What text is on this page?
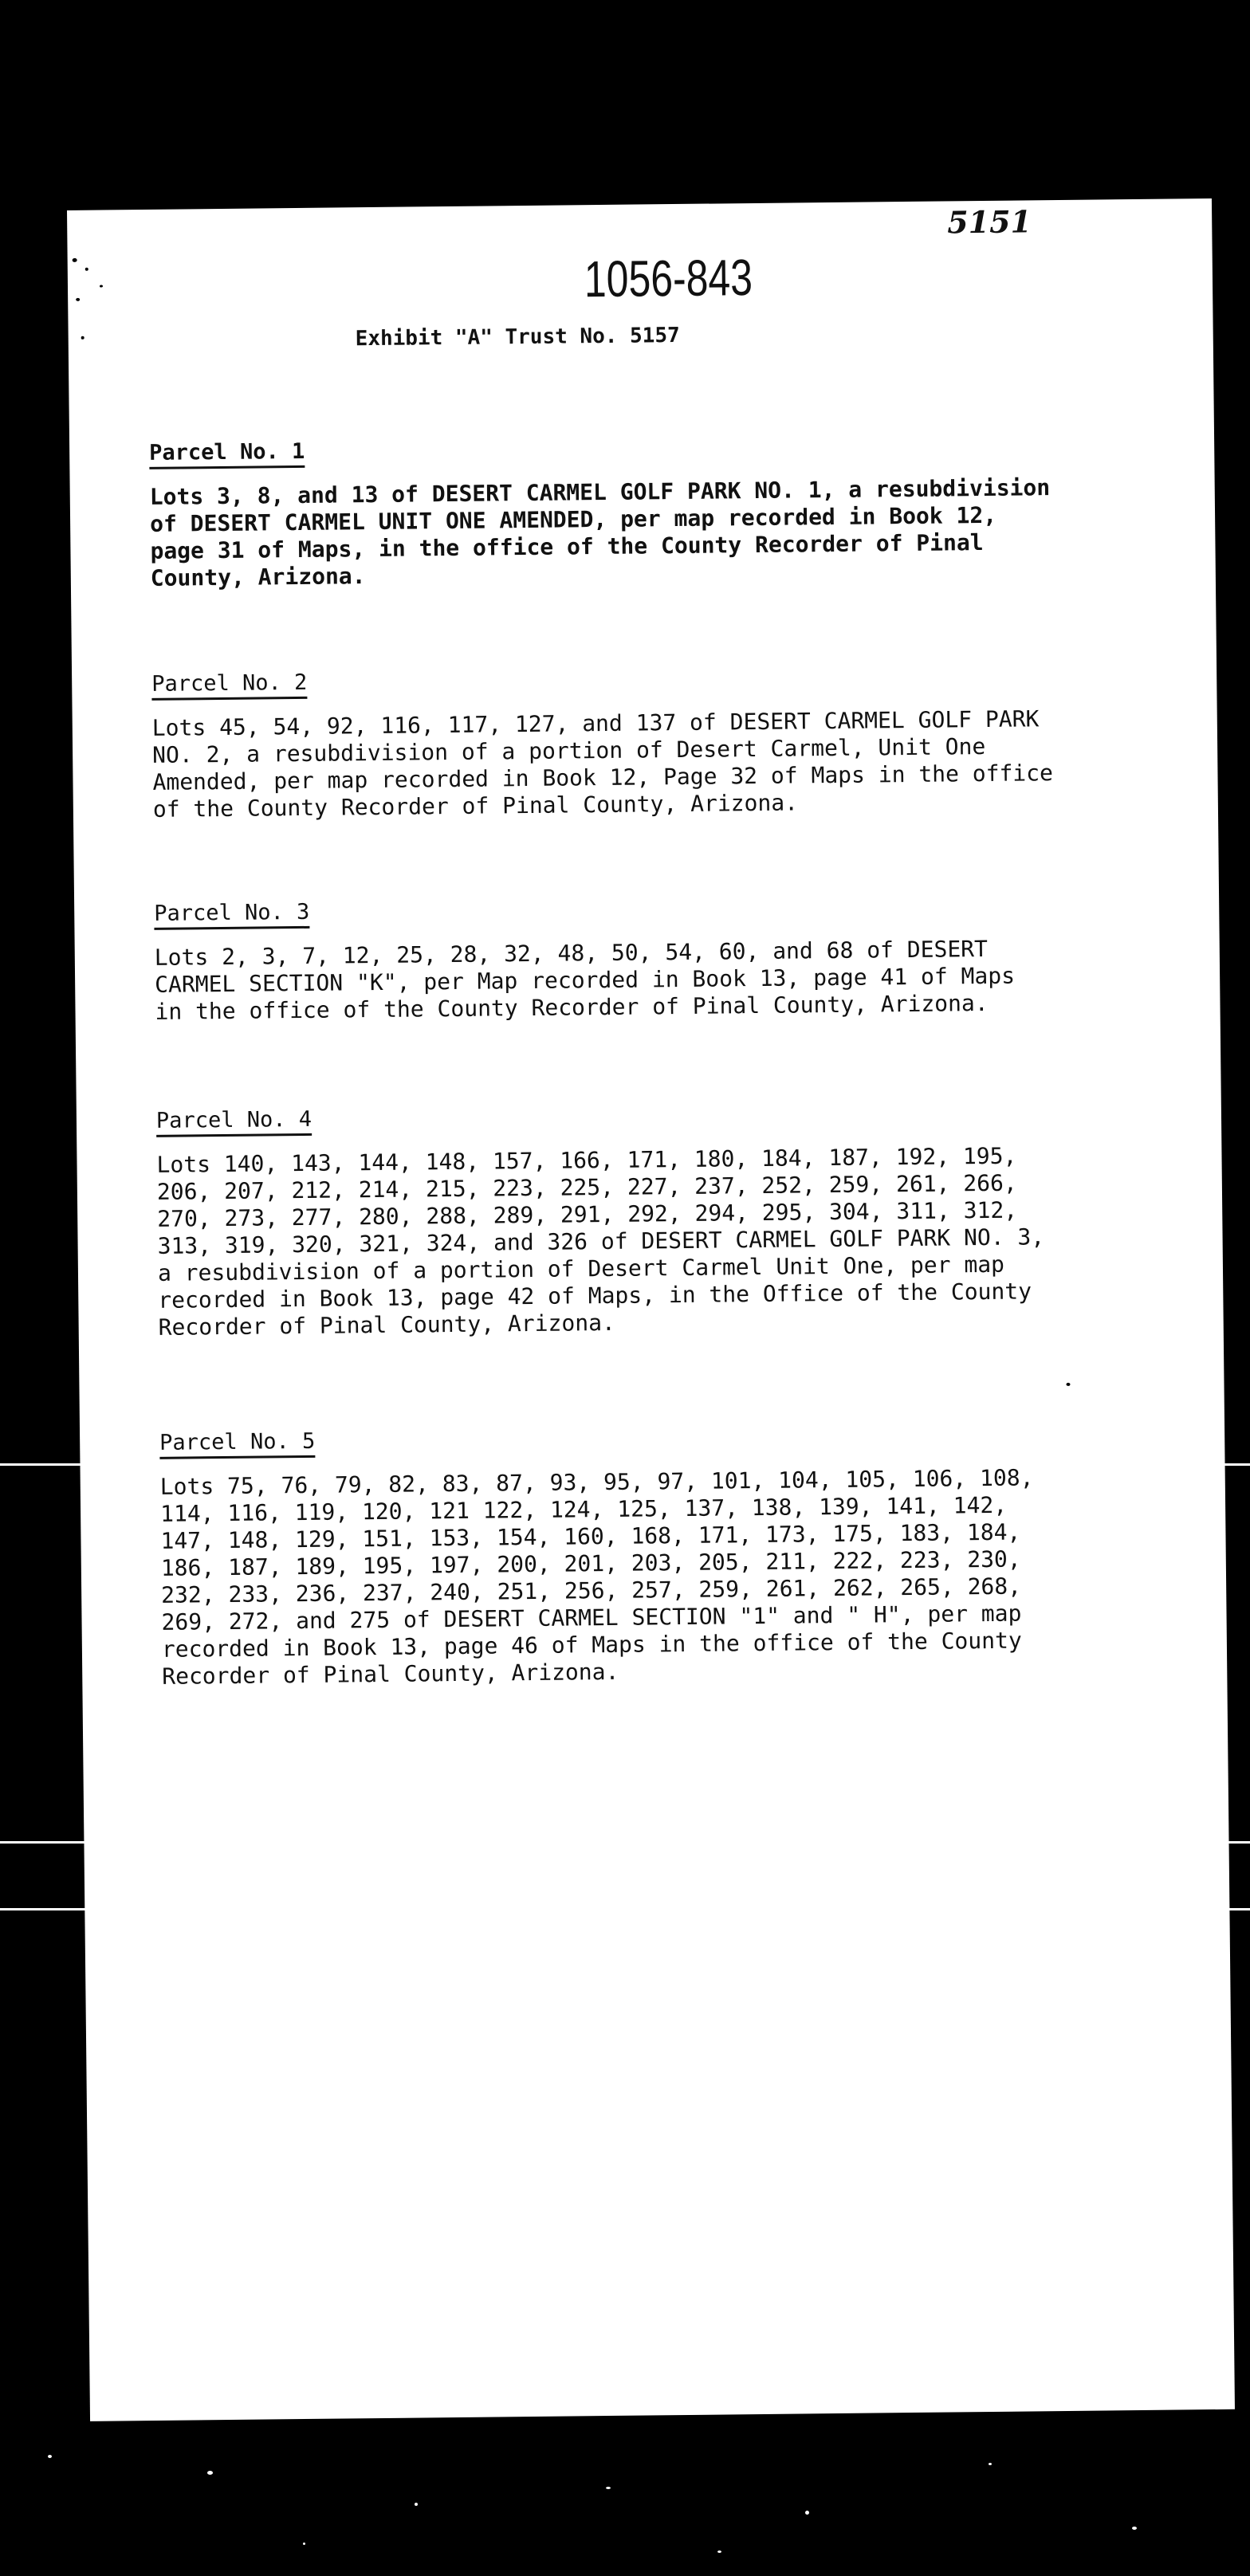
5151
1056-843
Exhibit "A" Trust No. 5157
Parcel No. 1
Lots 3, 8, and 13 of DESERT CARMEL GOLF PARK NO. 1, a resubdivision
of DESERT CARMEL UNIT ONE AMENDED, per map recorded in Book 12,
page 31 of Maps, in the office of the County Recorder of Pinal
County, Arizona.
Parcel No. 2
Lots 45, 54, 92, 116, 117, 127, and 137 of DESERT CARMEL GOLF PARK
NO. 2, a resubdivision of a portion of Desert Carmel, Unit One
Amended, per map recorded in Book 12, Page 32 of Maps in the office
of the County Recorder of Pinal County, Arizona.
Parcel No. 3
Lots 2, 3, 7, 12, 25, 28, 32, 48, 50, 54, 60, and 68 of DESERT
CARMEL SECTION "K", per Map recorded in Book 13, page 41 of Maps
in the office of the County Recorder of Pinal County, Arizona.
Parcel No. 4
Lots 140, 143, 144, 148, 157, 166, 171, 180, 184, 187, 192, 195,
206, 207, 212, 214, 215, 223, 225, 227, 237, 252, 259, 261, 266,
270, 273, 277, 280, 288, 289, 291, 292, 294, 295, 304, 311, 312,
313, 319, 320, 321, 324, and 326 of DESERT CARMEL GOLF PARK NO. 3,
a resubdivision of a portion of Desert Carmel Unit One, per map
recorded in Book 13, page 42 of Maps, in the Office of the County
Recorder of Pinal County, Arizona.
Parcel No. 5
Lots 75, 76, 79, 82, 83, 87, 93, 95, 97, 101, 104, 105, 106, 108,
114, 116, 119, 120, 121 122, 124, 125, 137, 138, 139, 141, 142,
147, 148, 129, 151, 153, 154, 160, 168, 171, 173, 175, 183, 184,
186, 187, 189, 195, 197, 200, 201, 203, 205, 211, 222, 223, 230,
232, 233, 236, 237, 240, 251, 256, 257, 259, 261, 262, 265, 268,
269, 272, and 275 of DESERT CARMEL SECTION "1" and " H", per map
recorded in Book 13, page 46 of Maps in the office of the County
Recorder of Pinal County, Arizona.
